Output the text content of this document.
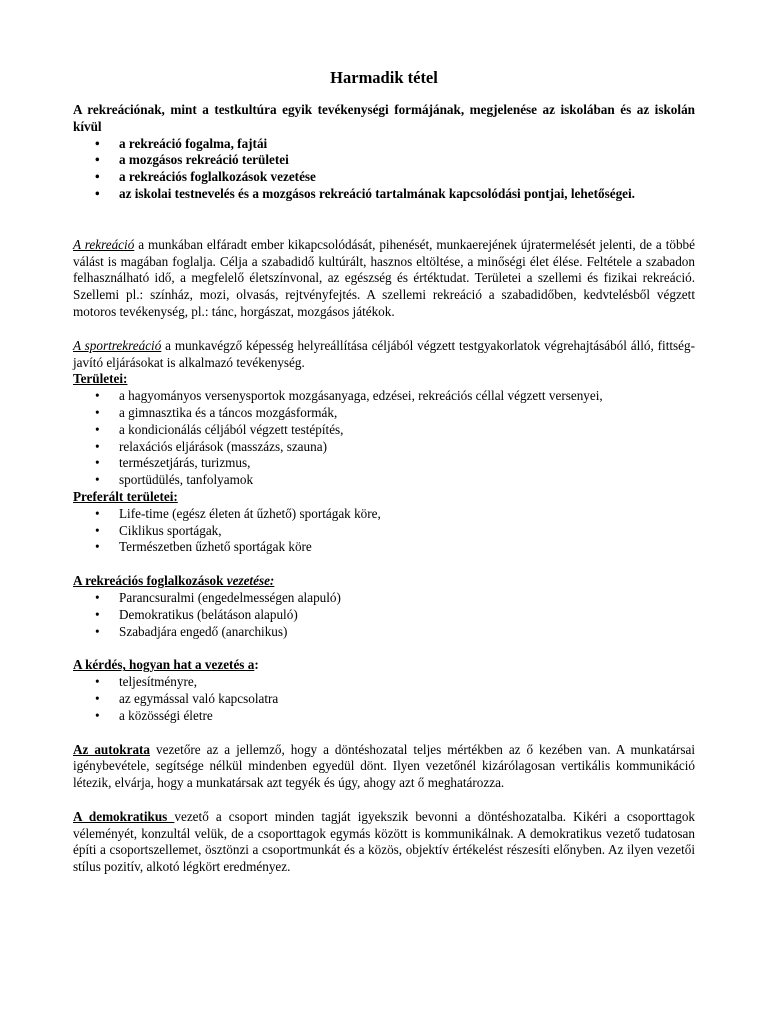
Harmadik tétel

A rekreációnak, mint a testkultúra egyik tevékenységi formájának, megjelenése az iskolában és az iskolán kívül

• a rekreáció fogalma, fajtái
• a mozgásos rekreáció területei
• a rekreációs foglalkozások vezetése
• az iskolai testnevelés és a mozgásos rekreáció tartalmának kapcsolódási pontjai, lehetőségei.

A rekreáció a munkában elfáradt ember kikapcsolódását, pihenését, munkaerejének újratermelését jelenti, de a többé válást is magában foglalja. Célja a szabadidő kultúrált, hasznos eltöltése, a minőségi élet élése. Feltétele a szabadon felhasználható idő, a megfelelő életszínvonal, az egészség és értéktudat. Területei a szellemi és fizikai rekreáció. Szellemi pl.: színház, mozi, olvasás, rejtvényfejtés. A szellemi rekreáció a szabadidőben, kedvtelésből végzett motoros tevékenység, pl.: tánc, horgászat, mozgásos játékok.

A sportrekreáció a munkavégző képesség helyreállítása céljából végzett testgyakorlatok végrehajtásából álló, fittség-javító eljárásokat is alkalmazó tevékenység.

Területei:
• a hagyományos versenysportok mozgásanyaga, edzései, rekreációs céllal végzett versenyei,
• a gimnasztika és a táncos mozgásformák,
• a kondicionálás céljából végzett testépítés,
• relaxációs eljárások (masszázs, szauna)
• természetjárás, turizmus,
• sportüdülés, tanfolyamok
Preferált területei:
• Life-time (egész életen át űzhető) sportágak köre,
• Ciklikus sportágak,
• Természetben űzhető sportágak köre
A rekreációs foglalkozások vezetése:
• Parancsuralmi (engedelmességen alapuló)
• Demokratikus (belátáson alapuló)
• Szabadjára engedő (anarchikus)
A kérdés, hogyan hat a vezetés a:
• teljesítményre,
• az egymással való kapcsolatra
• a közösségi életre

Az autokrata vezetőre az a jellemző, hogy a döntéshozatal teljes mértékben az ő kezében van. A munkatársai igénybevétele, segítsége nélkül mindenben egyedül dönt. Ilyen vezetőnél kizárólagosan vertikális kommunikáció létezik, elvárja, hogy a munkatársak azt tegyék és úgy, ahogy azt ő meghatározza.

A demokratikus vezető a csoport minden tagját igyekszik bevonni a döntéshozatalba. Kikéri a csoporttagok véleményét, konzultál velük, de a csoporttagok egymás között is kommunikálnak. A demokratikus vezető tudatosan építi a csoportszellemet, ösztönzi a csoportmunkát és a közös, objektív értékelést részesíti előnyben. Az ilyen vezetői stílus pozitív, alkotó légkört eredményez.
